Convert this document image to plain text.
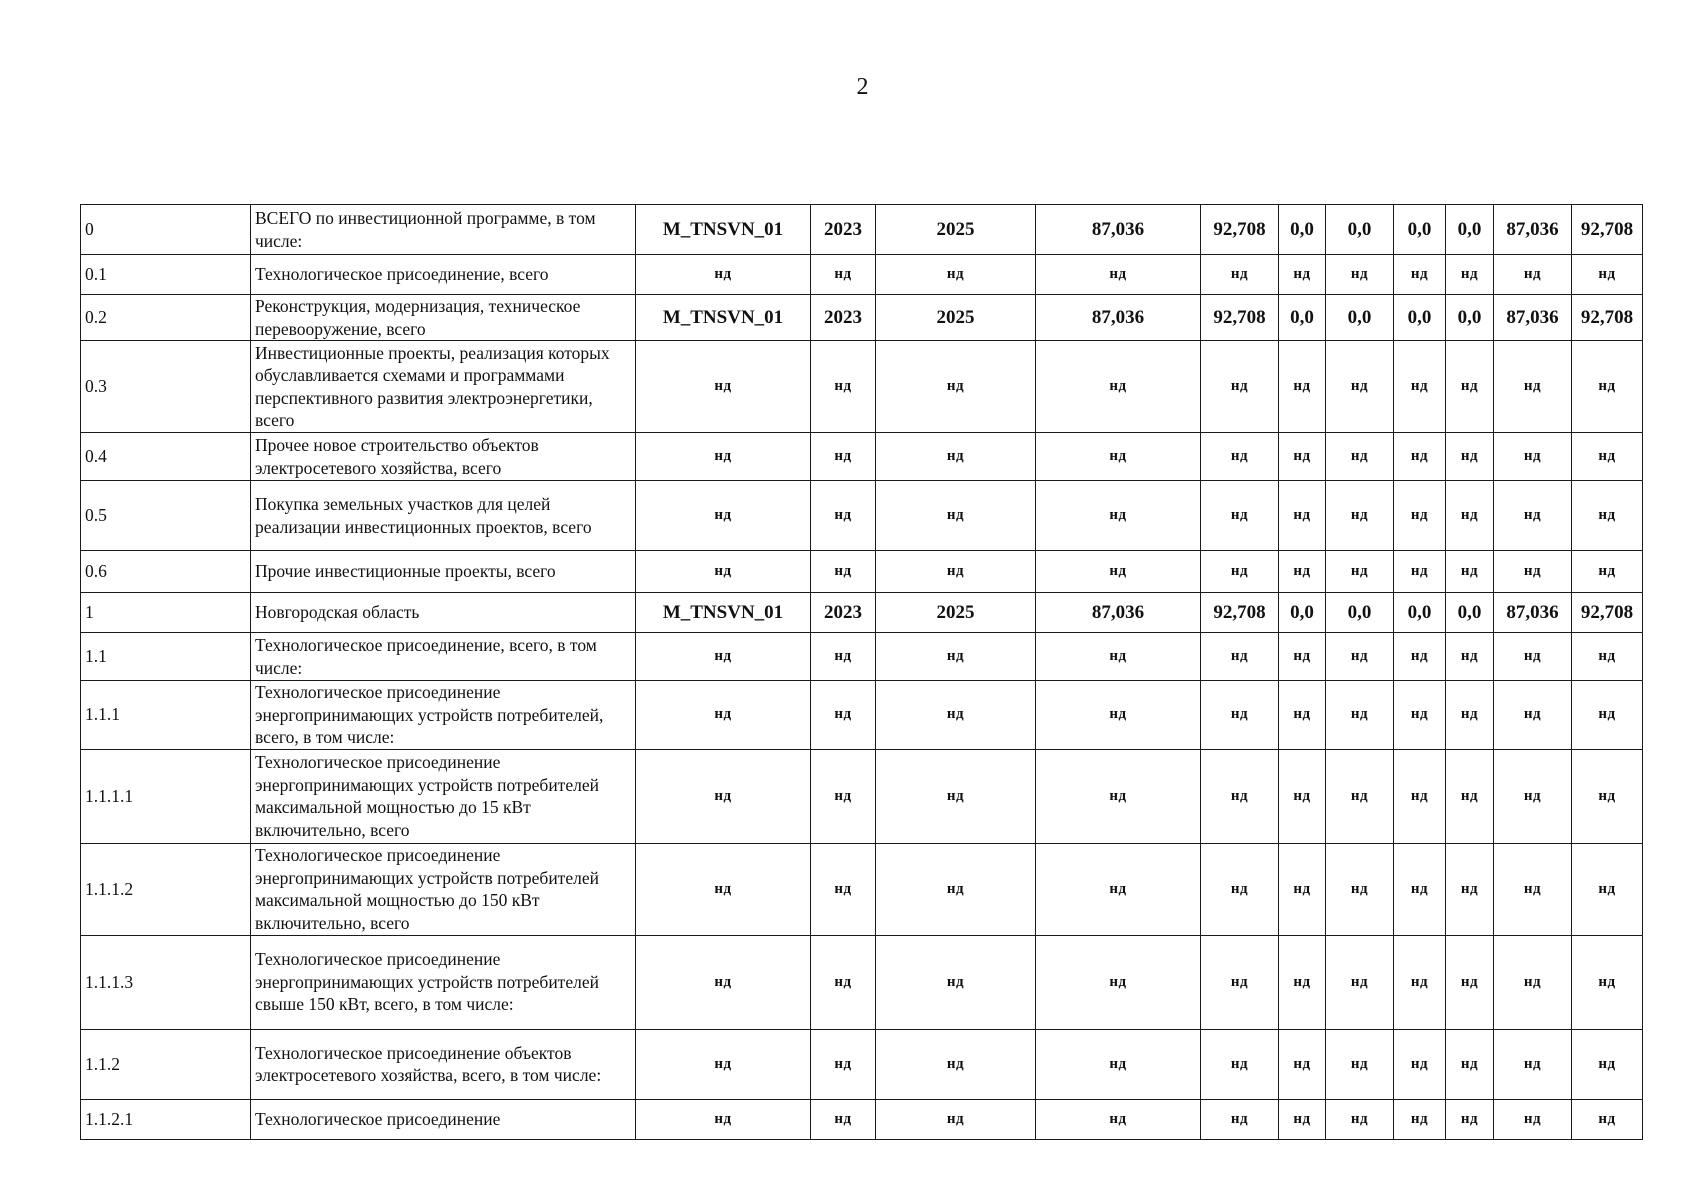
2
0	ВСЕГО по инвестиционной программе, в том числе:	M_TNSVN_01	2023	2025	87,036	92,708	0,0	0,0	0,0	0,0	87,036	92,708
0.1	Технологическое присоединение, всего	нд	нд	нд	нд	нд	нд	нд	нд	нд	нд	нд
0.2	Реконструкция, модернизация, техническое перевооружение, всего	M_TNSVN_01	2023	2025	87,036	92,708	0,0	0,0	0,0	0,0	87,036	92,708
0.3	Инвестиционные проекты, реализация которых обуславливается схемами и программами перспективного развития электроэнергетики, всего	нд	нд	нд	нд	нд	нд	нд	нд	нд	нд	нд
0.4	Прочее новое строительство объектов электросетевого хозяйства, всего	нд	нд	нд	нд	нд	нд	нд	нд	нд	нд	нд
0.5	Покупка земельных участков для целей реализации инвестиционных проектов, всего	нд	нд	нд	нд	нд	нд	нд	нд	нд	нд	нд
0.6	Прочие инвестиционные проекты, всего	нд	нд	нд	нд	нд	нд	нд	нд	нд	нд	нд
1	Новгородская область	M_TNSVN_01	2023	2025	87,036	92,708	0,0	0,0	0,0	0,0	87,036	92,708
1.1	Технологическое присоединение, всего, в том числе:	нд	нд	нд	нд	нд	нд	нд	нд	нд	нд	нд
1.1.1	Технологическое присоединение энергопринимающих устройств потребителей, всего, в том числе:	нд	нд	нд	нд	нд	нд	нд	нд	нд	нд	нд
1.1.1.1	Технологическое присоединение энергопринимающих устройств потребителей максимальной мощностью до 15 кВт включительно, всего	нд	нд	нд	нд	нд	нд	нд	нд	нд	нд	нд
1.1.1.2	Технологическое присоединение энергопринимающих устройств потребителей максимальной мощностью до 150 кВт включительно, всего	нд	нд	нд	нд	нд	нд	нд	нд	нд	нд	нд
1.1.1.3	Технологическое присоединение энергопринимающих устройств потребителей свыше 150 кВт, всего, в том числе:	нд	нд	нд	нд	нд	нд	нд	нд	нд	нд	нд
1.1.2	Технологическое присоединение объектов электросетевого хозяйства, всего, в том числе:	нд	нд	нд	нд	нд	нд	нд	нд	нд	нд	нд
1.1.2.1	Технологическое присоединение	нд	нд	нд	нд	нд	нд	нд	нд	нд	нд	нд
